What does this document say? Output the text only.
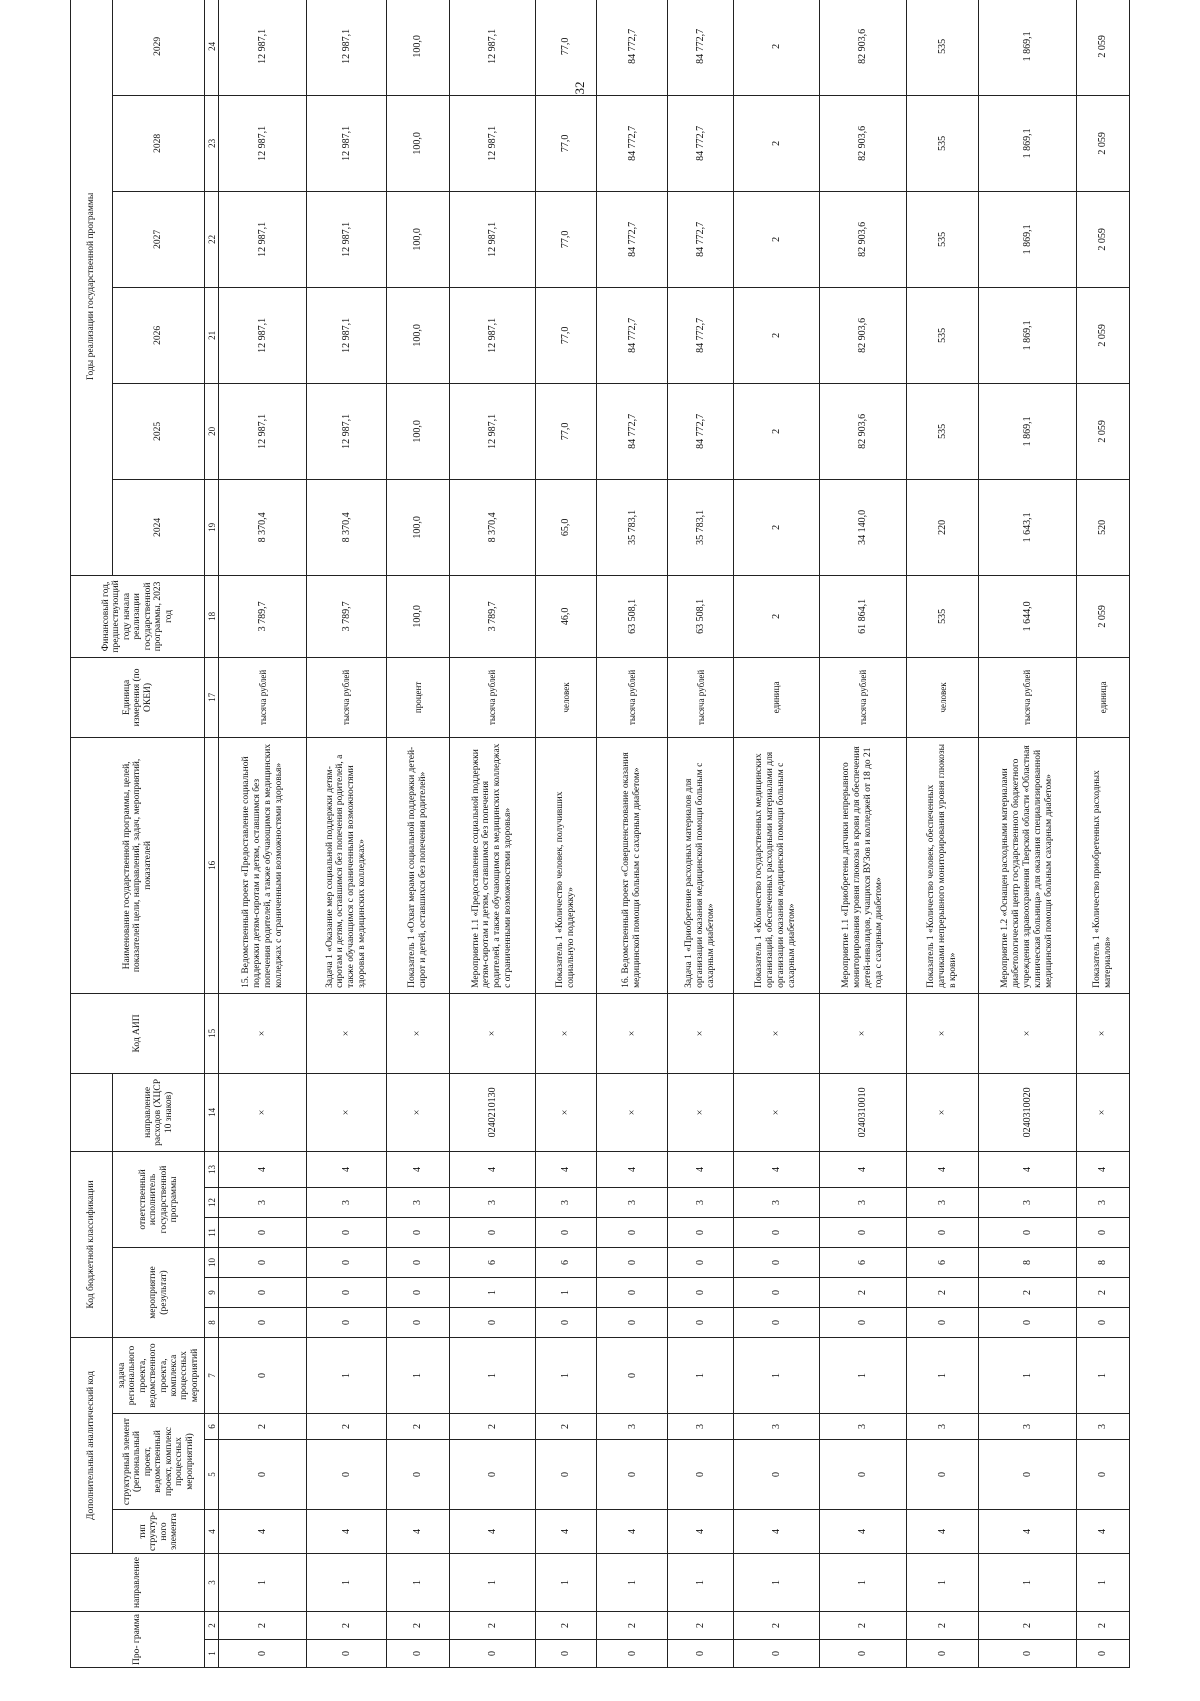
32
Про- грамма		направление	Дополнительный аналитический код				Код бюджетной классификации							Код АИП	Наименование государственной программы, целей, показателей цели, направлений, задач, мероприятий, показателей	Единица измерения (по ОКЕИ)	Финансовый год, предшествующий году начала реализации государственной программы, 2023 год	Годы реализации государственной программы					
			тип структур- ного элемента	структурный элемент (региональный проект, ведомственный проект, комплекс процессных мероприятий)		задача регионального проекта, ведомственного проекта, комплекса процессных мероприятий	мероприятие (результат)			ответственный исполнитель государственной программы			направление расходов (ХЦСР 10 знаков)					2024	2025	2026	2027	2028	2029
1	2	3	4	5	6	7	8	9	10	11	12	13	14	15	16	17	18	19	20	21	22	23	24
0	2	1	4	0	2	0	0	0	0	0	3	4	×	×	15. Ведомственный проект «Предоставление социальной поддержки детям-сиротам и детям, оставшимся без попечения родителей, а также обучающимся в медицинских колледжах с ограниченными возможностями здоровья»	тысяча рублей	3 789,7	8 370,4	12 987,1	12 987,1	12 987,1	12 987,1	12 987,1
0	2	1	4	0	2	1	0	0	0	0	3	4	×	×	Задача 1 «Оказание мер социальной поддержки детям-сиротам и детям, оставшимся без попечения родителей, а также обучающимся с ограниченными возможностями здоровья в медицинских колледжах»	тысяча рублей	3 789,7	8 370,4	12 987,1	12 987,1	12 987,1	12 987,1	12 987,1
0	2	1	4	0	2	1	0	0	0	0	3	4	×	×	Показатель 1 «Охват мерами социальной поддержки детей-сирот и детей, оставшихся без попечения родителей»	процент	100,0	100,0	100,0	100,0	100,0	100,0	100,0
0	2	1	4	0	2	1	0	1	6	0	3	4	0240210130	×	Мероприятие 1.1 «Предоставление социальной поддержки детям-сиротам и детям, оставшимся без попечения родителей, а также обучающимся в медицинских колледжах с ограниченными возможностями здоровья»	тысяча рублей	3 789,7	8 370,4	12 987,1	12 987,1	12 987,1	12 987,1	12 987,1
0	2	1	4	0	2	1	0	1	6	0	3	4	×	×	Показатель 1 «Количество человек, получивших социальную поддержку»	человек	46,0	65,0	77,0	77,0	77,0	77,0	77,0
0	2	1	4	0	3	0	0	0	0	0	3	4	×	×	16. Ведомственный проект «Совершенствование оказания медицинской помощи больным с сахарным диабетом»	тысяча рублей	63 508,1	35 783,1	84 772,7	84 772,7	84 772,7	84 772,7	84 772,7
0	2	1	4	0	3	1	0	0	0	0	3	4	×	×	Задача 1 «Приобретение расходных материалов для организации оказания медицинской помощи больным с сахарным диабетом»	тысяча рублей	63 508,1	35 783,1	84 772,7	84 772,7	84 772,7	84 772,7	84 772,7
0	2	1	4	0	3	1	0	0	0	0	3	4	×	×	Показатель 1 «Количество государственных медицинских организаций, обеспеченных расходными материалами для организации оказания медицинской помощи больным с сахарным диабетом»	единица	2	2	2	2	2	2	2
0	2	1	4	0	3	1	0	2	6	0	3	4	0240310010	×	Мероприятие 1.1 «Приобретены датчики непрерывного мониторирования уровня глюкозы в крови для обеспечения детей-инвалидов, учащихся ВУЗов и колледжей от 18 до 21 года с сахарным диабетом»	тысяча рублей	61 864,1	34 140,0	82 903,6	82 903,6	82 903,6	82 903,6	82 903,6
0	2	1	4	0	3	1	0	2	6	0	3	4	×	×	Показатель 1 «Количество человек, обеспеченных датчиками непрерывного мониторирования уровня глюкозы в крови»	человек	535	220	535	535	535	535	535
0	2	1	4	0	3	1	0	2	8	0	3	4	0240310020	×	Мероприятие 1.2 «Оснащен расходными материалами диабетологический центр государственного бюджетного учреждения здравоохранения Тверской области «Областная клиническая больница» для оказания специализированной медицинской помощи больным сахарным диабетом»	тысяча рублей	1 644,0	1 643,1	1 869,1	1 869,1	1 869,1	1 869,1	1 869,1
0	2	1	4	0	3	1	0	2	8	0	3	4	×	×	Показатель 1 «Количество приобретенных расходных материалов»	единица	2 059	520	2 059	2 059	2 059	2 059	2 059
